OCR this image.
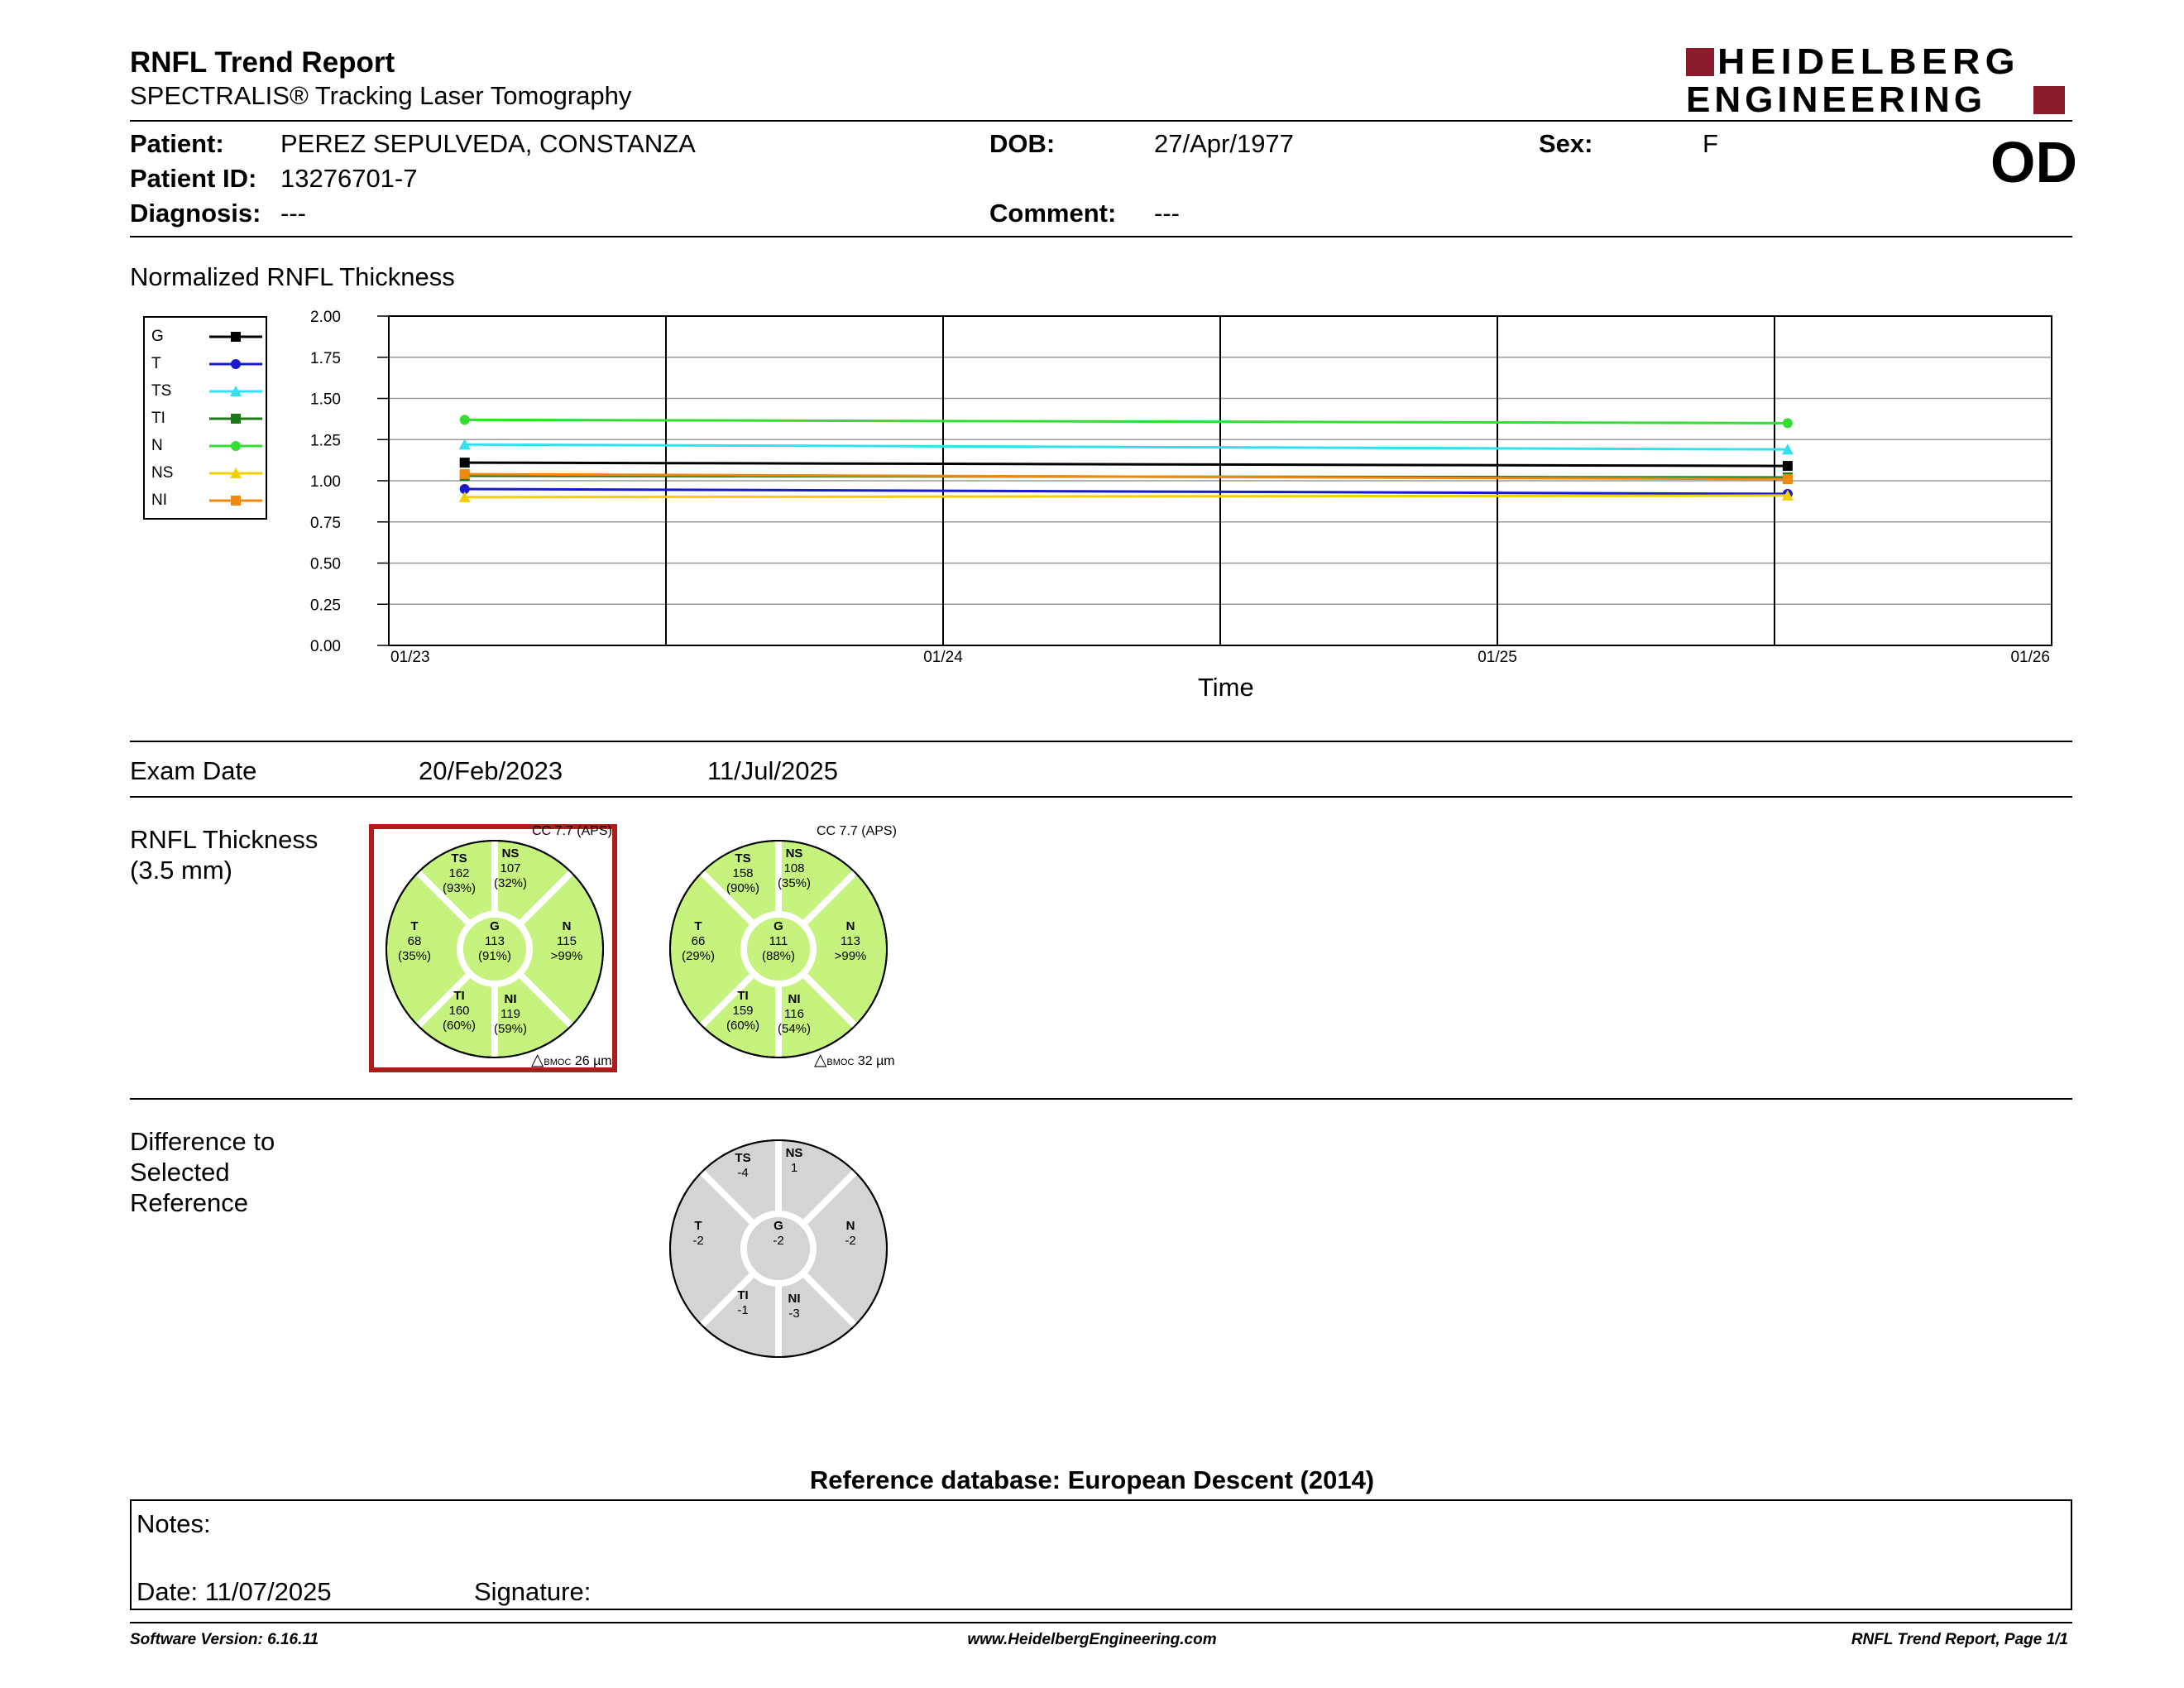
RNFL Trend Report
SPECTRALIS® Tracking Laser Tomography
HEIDELBERG
ENGINEERING
Patient: PEREZ SEPULVEDA, CONSTANZA
Patient ID: 13276701-7
Diagnosis: ---
DOB:	27/Apr/1977
Comment: ---
Sex:	F	OD
Normalized RNFL Thickness
G
T
TS
TI
N
NS
NI
0.00
0.25
0.50
0.75
1.00
1.25
1.50
1.75
2.00
01/23	01/24	01/25	01/26
Time
Exam Date	20/Feb/2023	11/Jul/2025
RNFL Thickness
(3.5 mm)
CC 7.7 (APS)	CC 7.7 (APS)
TS
162
(93%)
NS
107
(32%)
T
68
(35%)
G
113
(91%)
N
115
>99%
TI
160
(60%)
NI
119
(59%)
TS
158
(90%)
NS
108
(35%)
T
66
(29%)
G
111
(88%)
N
113
>99%
TI
159
(60%)
NI
116
(54%)
△BMOC 26 µm	△BMOC 32 µm
Difference to
Selected
Reference
TS
-4
NS
1
T
-2
G
-2
N
-2
TI
-1
NI
-3
Reference database: European Descent (2014)
Notes:
Date: 11/07/2025	Signature:
Software Version: 6.16.11	www.HeidelbergEngineering.com	RNFL Trend Report, Page 1/1
